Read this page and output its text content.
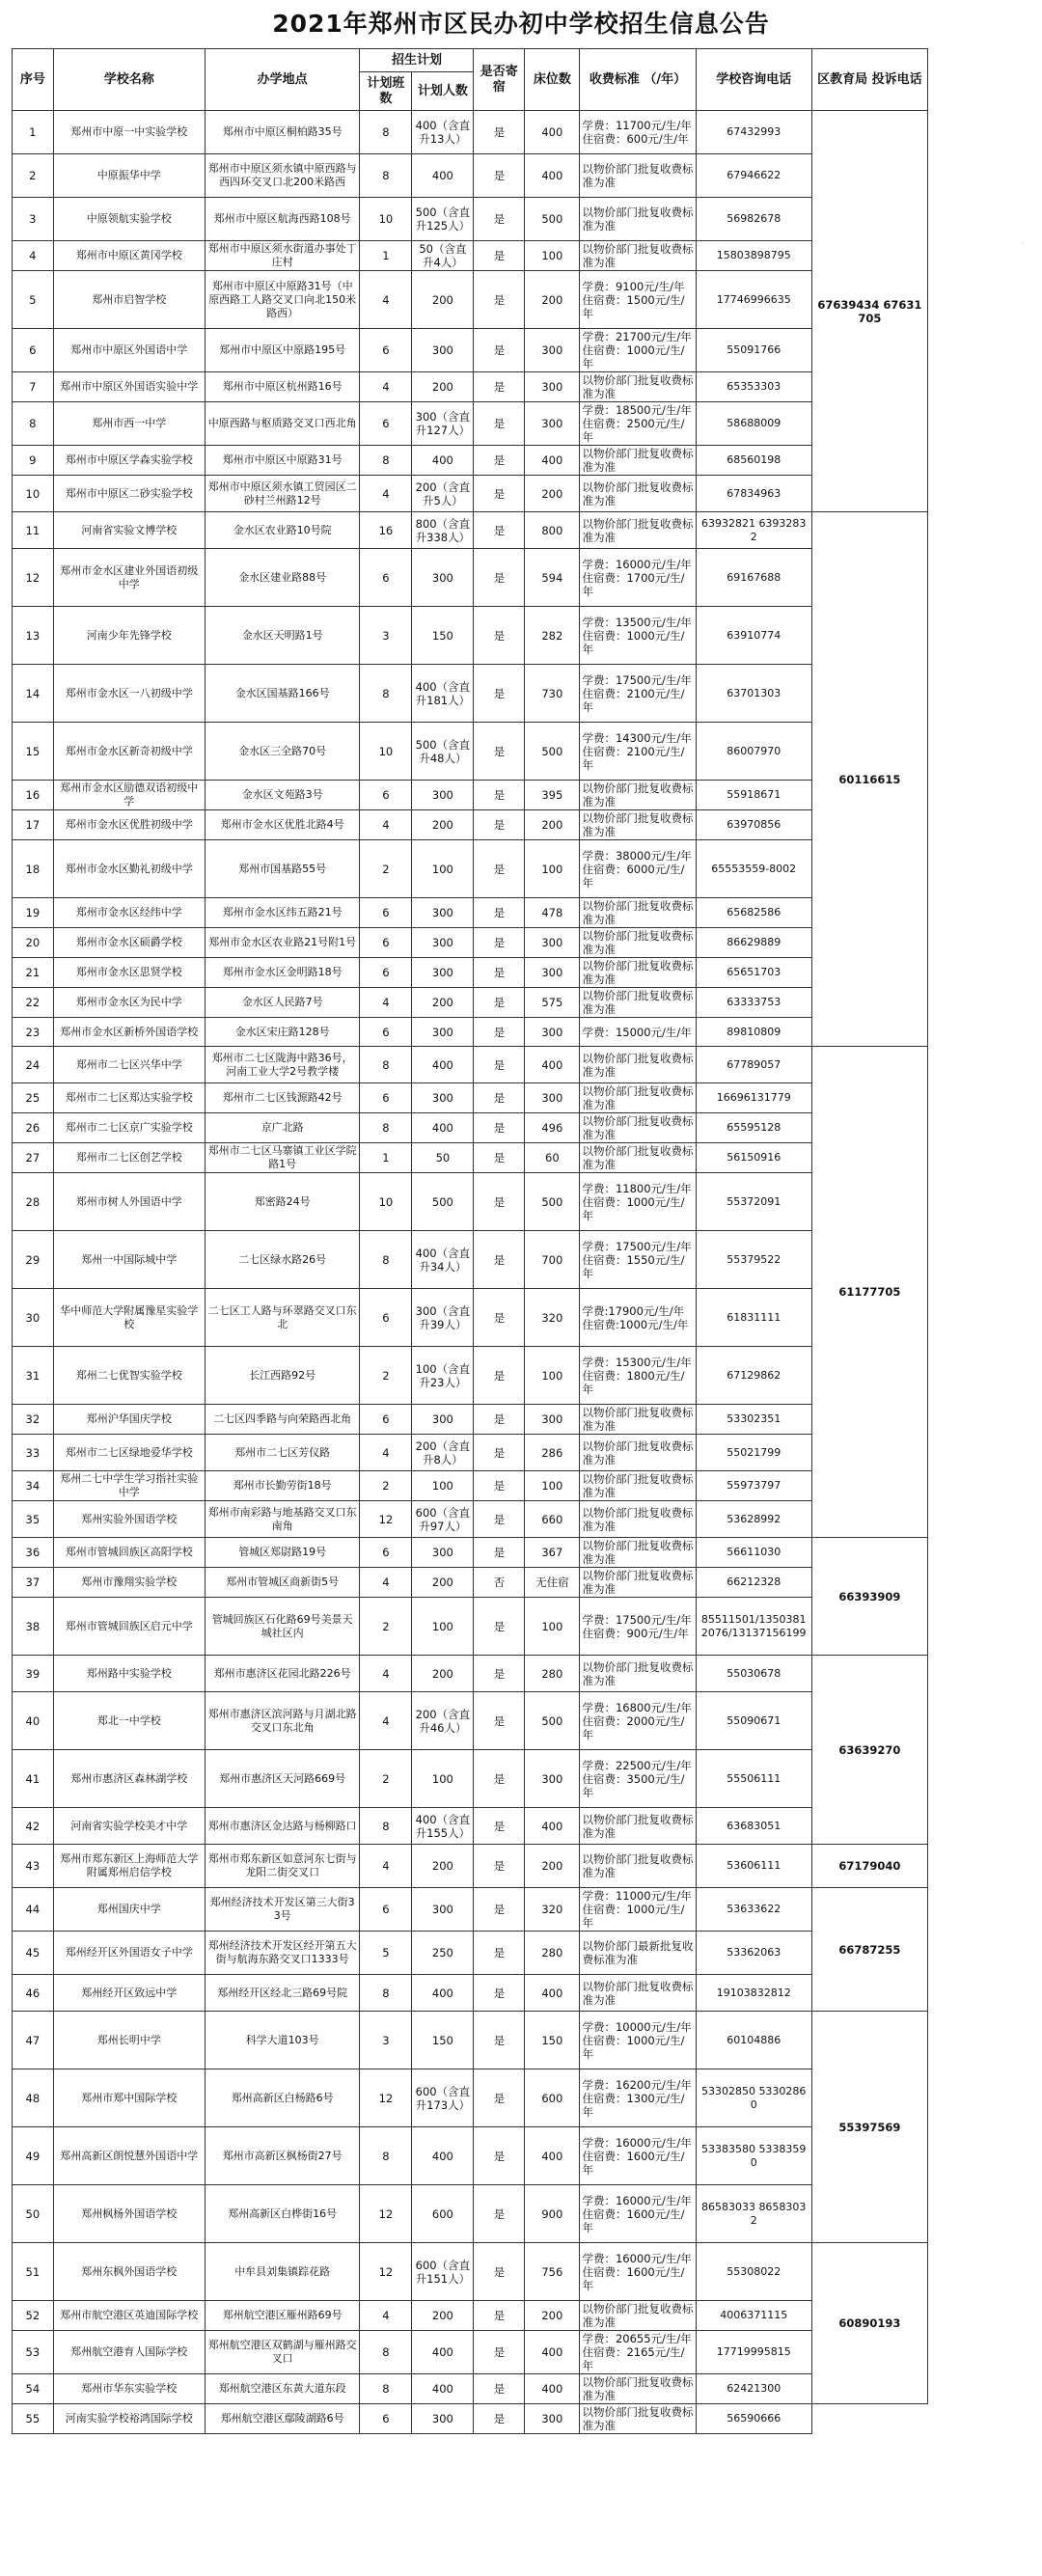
2021年郑州市区民办初中学校招生信息公告
序号	学校名称	办学地点	招生计划		是否寄宿	床位数	收费标准 （/年）	学校咨询电话	区教育局 投诉电话
			计划班数	计划人数					
1	郑州市中原一中实验学校	郑州市中原区桐柏路35号	8	400（含直升13人）	是	400	学费：11700元/生/年 住宿费：600元/生/年	67432993	67639434 67631705
2	中原振华中学	郑州市中原区须水镇中原西路与西四环交叉口北200米路西	8	400	是	400	以物价部门批复收费标准为准	67946622	
3	中原领航实验学校	郑州市中原区航海西路108号	10	500（含直升125人）	是	500	以物价部门批复收费标准为准	56982678	
4	郑州市中原区黄冈学校	郑州市中原区须水街道办事处丁庄村	1	50（含直升4人）	是	100	以物价部门批复收费标准为准	15803898795	
5	郑州市启智学校	郑州市中原区中原路31号（中原西路工人路交叉口向北150米路西）	4	200	是	200	学费：9100元/生/年 住宿费：1500元/生/年	17746996635	
6	郑州市中原区外国语中学	郑州市中原区中原路195号	6	300	是	300	学费：21700元/生/年 住宿费：1000元/生/年	55091766	
7	郑州市中原区外国语实验中学	郑州市中原区杭州路16号	4	200	是	300	以物价部门批复收费标准为准	65353303	
8	郑州市西一中学	中原西路与枢质路交叉口西北角	6	300（含直升127人）	是	300	学费：18500元/生/年 住宿费：2500元/生/年	58688009	
9	郑州市中原区学森实验学校	郑州市中原区中原路31号	8	400	是	400	以物价部门批复收费标准为准	68560198	
10	郑州市中原区二砂实验学校	郑州市中原区须水镇工贸园区二砂村兰州路12号	4	200（含直升5人）	是	200	以物价部门批复收费标准为准	67834963	
11	河南省实验文博学校	金水区农业路10号院	16	800（含直升338人）	是	800	以物价部门批复收费标准为准	63932821 63932832	60116615
12	郑州市金水区建业外国语初级中学	金水区建业路88号	6	300	是	594	学费：16000元/生/年 住宿费：1700元/生/年	69167688	
13	河南少年先锋学校	金水区天明路1号	3	150	是	282	学费：13500元/生/年 住宿费：1000元/生/年	63910774	
14	郑州市金水区一八初级中学	金水区国基路166号	8	400（含直升181人）	是	730	学费：17500元/生/年 住宿费：2100元/生/年	63701303	
15	郑州市金水区新奇初级中学	金水区三全路70号	10	500（含直升48人）	是	500	学费：14300元/生/年 住宿费：2100元/生/年	86007970	
16	郑州市金水区励德双语初级中学	金水区文苑路3号	6	300	是	395	以物价部门批复收费标准为准	55918671	
17	郑州市金水区优胜初级中学	郑州市金水区优胜北路4号	4	200	是	200	以物价部门批复收费标准为准	63970856	
18	郑州市金水区勤礼初级中学	郑州市国基路55号	2	100	是	100	学费：38000元/生/年 住宿费：6000元/生/年	65553559-8002	
19	郑州市金水区经纬中学	郑州市金水区纬五路21号	6	300	是	478	以物价部门批复收费标准为准	65682586	
20	郑州市金水区硕爵学校	郑州市金水区农业路21号附1号	6	300	是	300	以物价部门批复收费标准为准	86629889	
21	郑州市金水区思贤学校	郑州市金水区金明路18号	6	300	是	300	以物价部门批复收费标准为准	65651703	
22	郑州市金水区为民中学	金水区人民路7号	4	200	是	575	以物价部门批复收费标准为准	63333753	
23	郑州市金水区新桥外国语学校	金水区宋庄路128号	6	300	是	300	学费：15000元/生/年	89810809	
24	郑州市二七区兴华中学	郑州市二七区陇海中路36号，河南工业大学2号教学楼	8	400	是	400	以物价部门批复收费标准为准	67789057	61177705
25	郑州市二七区郑达实验学校	郑州市二七区钱源路42号	6	300	是	300	以物价部门批复收费标准为准	16696131779	
26	郑州市二七区京广实验学校	京广北路	8	400	是	496	以物价部门批复收费标准为准	65595128	
27	郑州市二七区创艺学校	郑州市二七区马寨镇工业区学院路1号	1	50	是	60	以物价部门批复收费标准为准	56150916	
28	郑州市树人外国语中学	郑密路24号	10	500	是	500	学费：11800元/生/年 住宿费：1000元/生/年	55372091	
29	郑州一中国际城中学	二七区绿水路26号	8	400（含直升34人）	是	700	学费：17500元/生/年 住宿费：1550元/生/年	55379522	
30	华中师范大学附属豫星实验学校	二七区工人路与环翠路交叉口东北	6	300（含直升39人）	是	320	学费:17900元/生/年 住宿费:1000元/生/年	61831111	
31	郑州二七优智实验学校	长江西路92号	2	100（含直升23人）	是	100	学费：15300元/生/年 住宿费：1800元/生/年	67129862	
32	郑州沪华国庆学校	二七区四季路与向荣路西北角	6	300	是	300	以物价部门批复收费标准为准	53302351	
33	郑州市二七区绿地爱华学校	郑州市二七区芳仪路	4	200（含直升8人）	是	286	以物价部门批复收费标准为准	55021799	
34	郑州二七中学生学习指社实验中学	郑州市长勤劳街18号	2	100	是	100	以物价部门批复收费标准为准	55973797	
35	郑州实验外国语学校	郑州市南彩路与地基路交叉口东南角	12	600（含直升97人）	是	660	以物价部门批复收费标准为准	53628992	
36	郑州市管城回族区高阳学校	管城区郑尉路19号	6	300	是	367	以物价部门批复收费标准为准	56611030	66393909
37	郑州市豫翔实验学校	郑州市管城区商新街5号	4	200	否	无住宿	以物价部门批复收费标准为准	66212328	
38	郑州市管城回族区启元中学	管城回族区石化路69号美景天城社区内	2	100	是	100	学费：17500元/生/年 住宿费：900元/生/年	85511501/13503812076/13137156199	
39	郑州路中实验学校	郑州市惠济区花园北路226号	4	200	是	280	以物价部门批复收费标准为准	55030678	63639270
40	郑北一中学校	郑州市惠济区滨河路与月湖北路交叉口东北角	4	200（含直升46人）	是	500	学费：16800元/生/年 住宿费：2000元/生/年	55090671	
41	郑州市惠济区森林湖学校	郑州市惠济区天河路669号	2	100	是	300	学费：22500元/生/年 住宿费：3500元/生/年	55506111	
42	河南省实验学校美才中学	郑州市惠济区金达路与杨柳路口	8	400（含直升155人）	是	400	以物价部门批复收费标准为准	63683051	
43	郑州市郑东新区上海师范大学附属郑州启信学校	郑州市郑东新区如意河东七街与龙阳二街交叉口	4	200	是	200	以物价部门批复收费标准为准	53606111	67179040
44	郑州国庆中学	郑州经济技术开发区第三大街33号	6	300	是	320	学费：11000元/生/年 住宿费：1000元/生/年	53633622	66787255
45	郑州经开区外国语女子中学	郑州经济技术开发区经开第五大街与航海东路交叉口1333号	5	250	是	280	以物价部门最新批复收费标准为准	53362063	
46	郑州经开区致远中学	郑州经开区经北三路69号院	8	400	是	400	以物价部门批复收费标准为准	19103832812	
47	郑州长明中学	科学大道103号	3	150	是	150	学费：10000元/生/年 住宿费：1000元/生/年	60104886	55397569
48	郑州市郑中国际学校	郑州高新区白杨路6号	12	600（含直升173人）	是	600	学费：16200元/生/年 住宿费：1300元/生/年	53302850 53302860	
49	郑州高新区朗悦慧外国语中学	郑州市高新区枫杨街27号	8	400	是	400	学费：16000元/生/年 住宿费：1600元/生/年	53383580 53383590	
50	郑州枫杨外国语学校	郑州高新区白桦街16号	12	600	是	900	学费：16000元/生/年 住宿费：1600元/生/年	86583033 86583032	
51	郑州东枫外国语学校	中牟县刘集镇踪花路	12	600（含直升151人）	是	756	学费：16000元/生/年 住宿费：1600元/生/年	55308022	60890193
52	郑州市航空港区英迪国际学校	郑州航空港区雁州路69号	4	200	是	200	以物价部门批复收费标准为准	4006371115	
53	郑州航空港育人国际学校	郑州航空港区双鹤湖与雁州路交叉口	8	400	是	400	学费：20655元/生/年 住宿费：2165元/生/年	17719995815	
54	郑州市华东实验学校	郑州航空港区东黄大道东段	8	400	是	400	以物价部门批复收费标准为准	62421300	
55	河南实验学校裕鸿国际学校	郑州航空港区鄢陵湖路6号	6	300	是	300	以物价部门批复收费标准为准	56590666	
·
